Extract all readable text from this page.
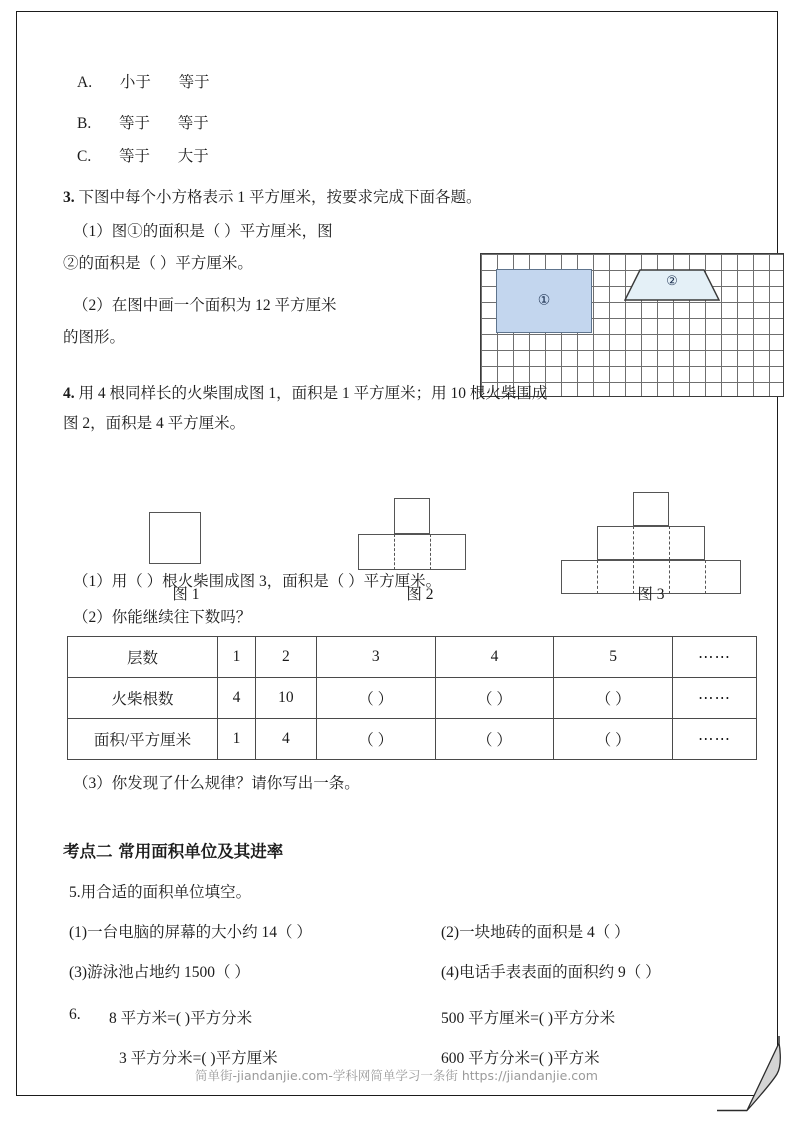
A. 小于 等于
B. 等于 等于
C. 等于 大于
3. 下图中每个小方格表示 1 平方厘米，按要求完成下面各题。
（1）图①的面积是（ ）平方厘米，图
②的面积是（ ）平方厘米。
（2）在图中画一个面积为 12 平方厘米
的图形。
①
②
4. 用 4 根同样长的火柴围成图 1，面积是 1 平方厘米；用 10 根火柴围成
图 2，面积是 4 平方厘米。
图 1	图 2	图 3
（1）用（ ）根火柴围成图 3，面积是（ ）平方厘米。
（2）你能继续往下数吗？
层数	1	2	3	4	5	⋯⋯
火柴根数	4	10	（ ）	（ ）	（ ）	⋯⋯
面积/平方厘米	1	4	（ ）	（ ）	（ ）	⋯⋯
（3）你发现了什么规律？请你写出一条。
考点二 常用面积单位及其进率
5.用合适的面积单位填空。
(1)一台电脑的屏幕的大小约 14（ ）	(2)一块地砖的面积是 4（ ）
(3)游泳池占地约 1500（ ）	(4)电话手表表面的面积约 9（ ）
6. 8 平方米=( )平方分米	500 平方厘米=( )平方分米
3 平方分米=( )平方厘米	600 平方分米=( )平方米
简单街-jiandanjie.com-学科网简单学习一条街 https://jiandanjie.com
